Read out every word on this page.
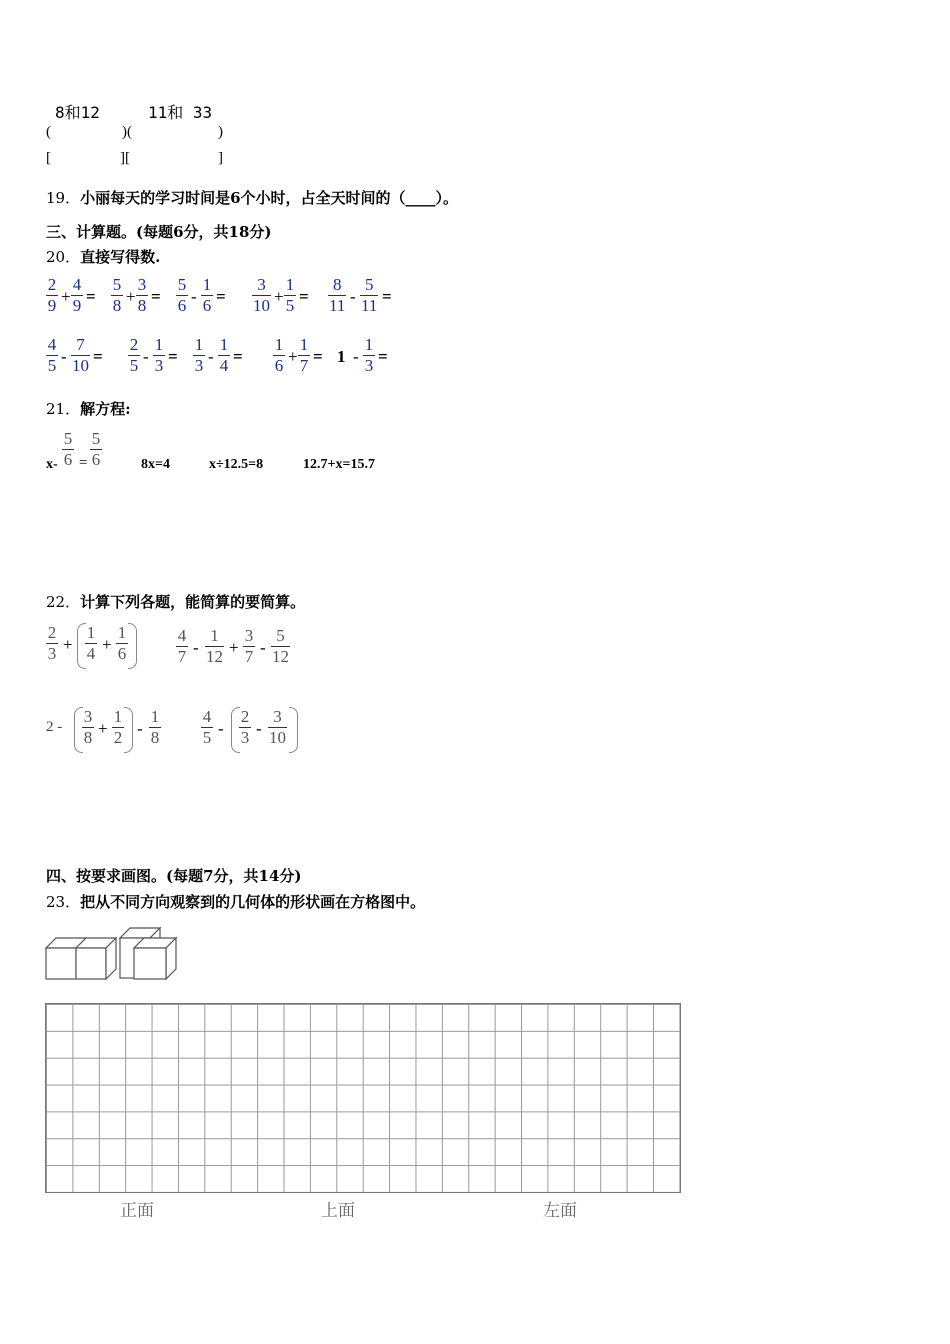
8和12	11和 33
(	)(	)
[	][	]
19．小丽每天的学习时间是6个小时，占全天时间的（____）。
三、计算题。(每题6分，共18分)
20．直接写得数.
2
9 +
4
9 =
5
8 +
3
8 =
5
6 -
1
6 =
3
10 +
1
5 =
8
11 -
5
11 =
4
5 -
7
10 =
2
5 -
1
3 =
1
3 -
1
4 =
1
6 +
1
7 = 1 -
1
3 =
21．解方程:
x-
5
6 =
5
6	8x=4	x÷12.5=8	12.7+x=15.7
22．计算下列各题，能简算的要简算。
2
3 +
1
4 +
1
6
4
7 -
1
12 +
3
7 -
5
12
2 -
3
8 +
1
2 -
1
8
4
5 -
2
3 -
3
10
四、按要求画图。(每题7分，共14分)
23．把从不同方向观察到的几何体的形状画在方格图中。
正面	上面	左面
